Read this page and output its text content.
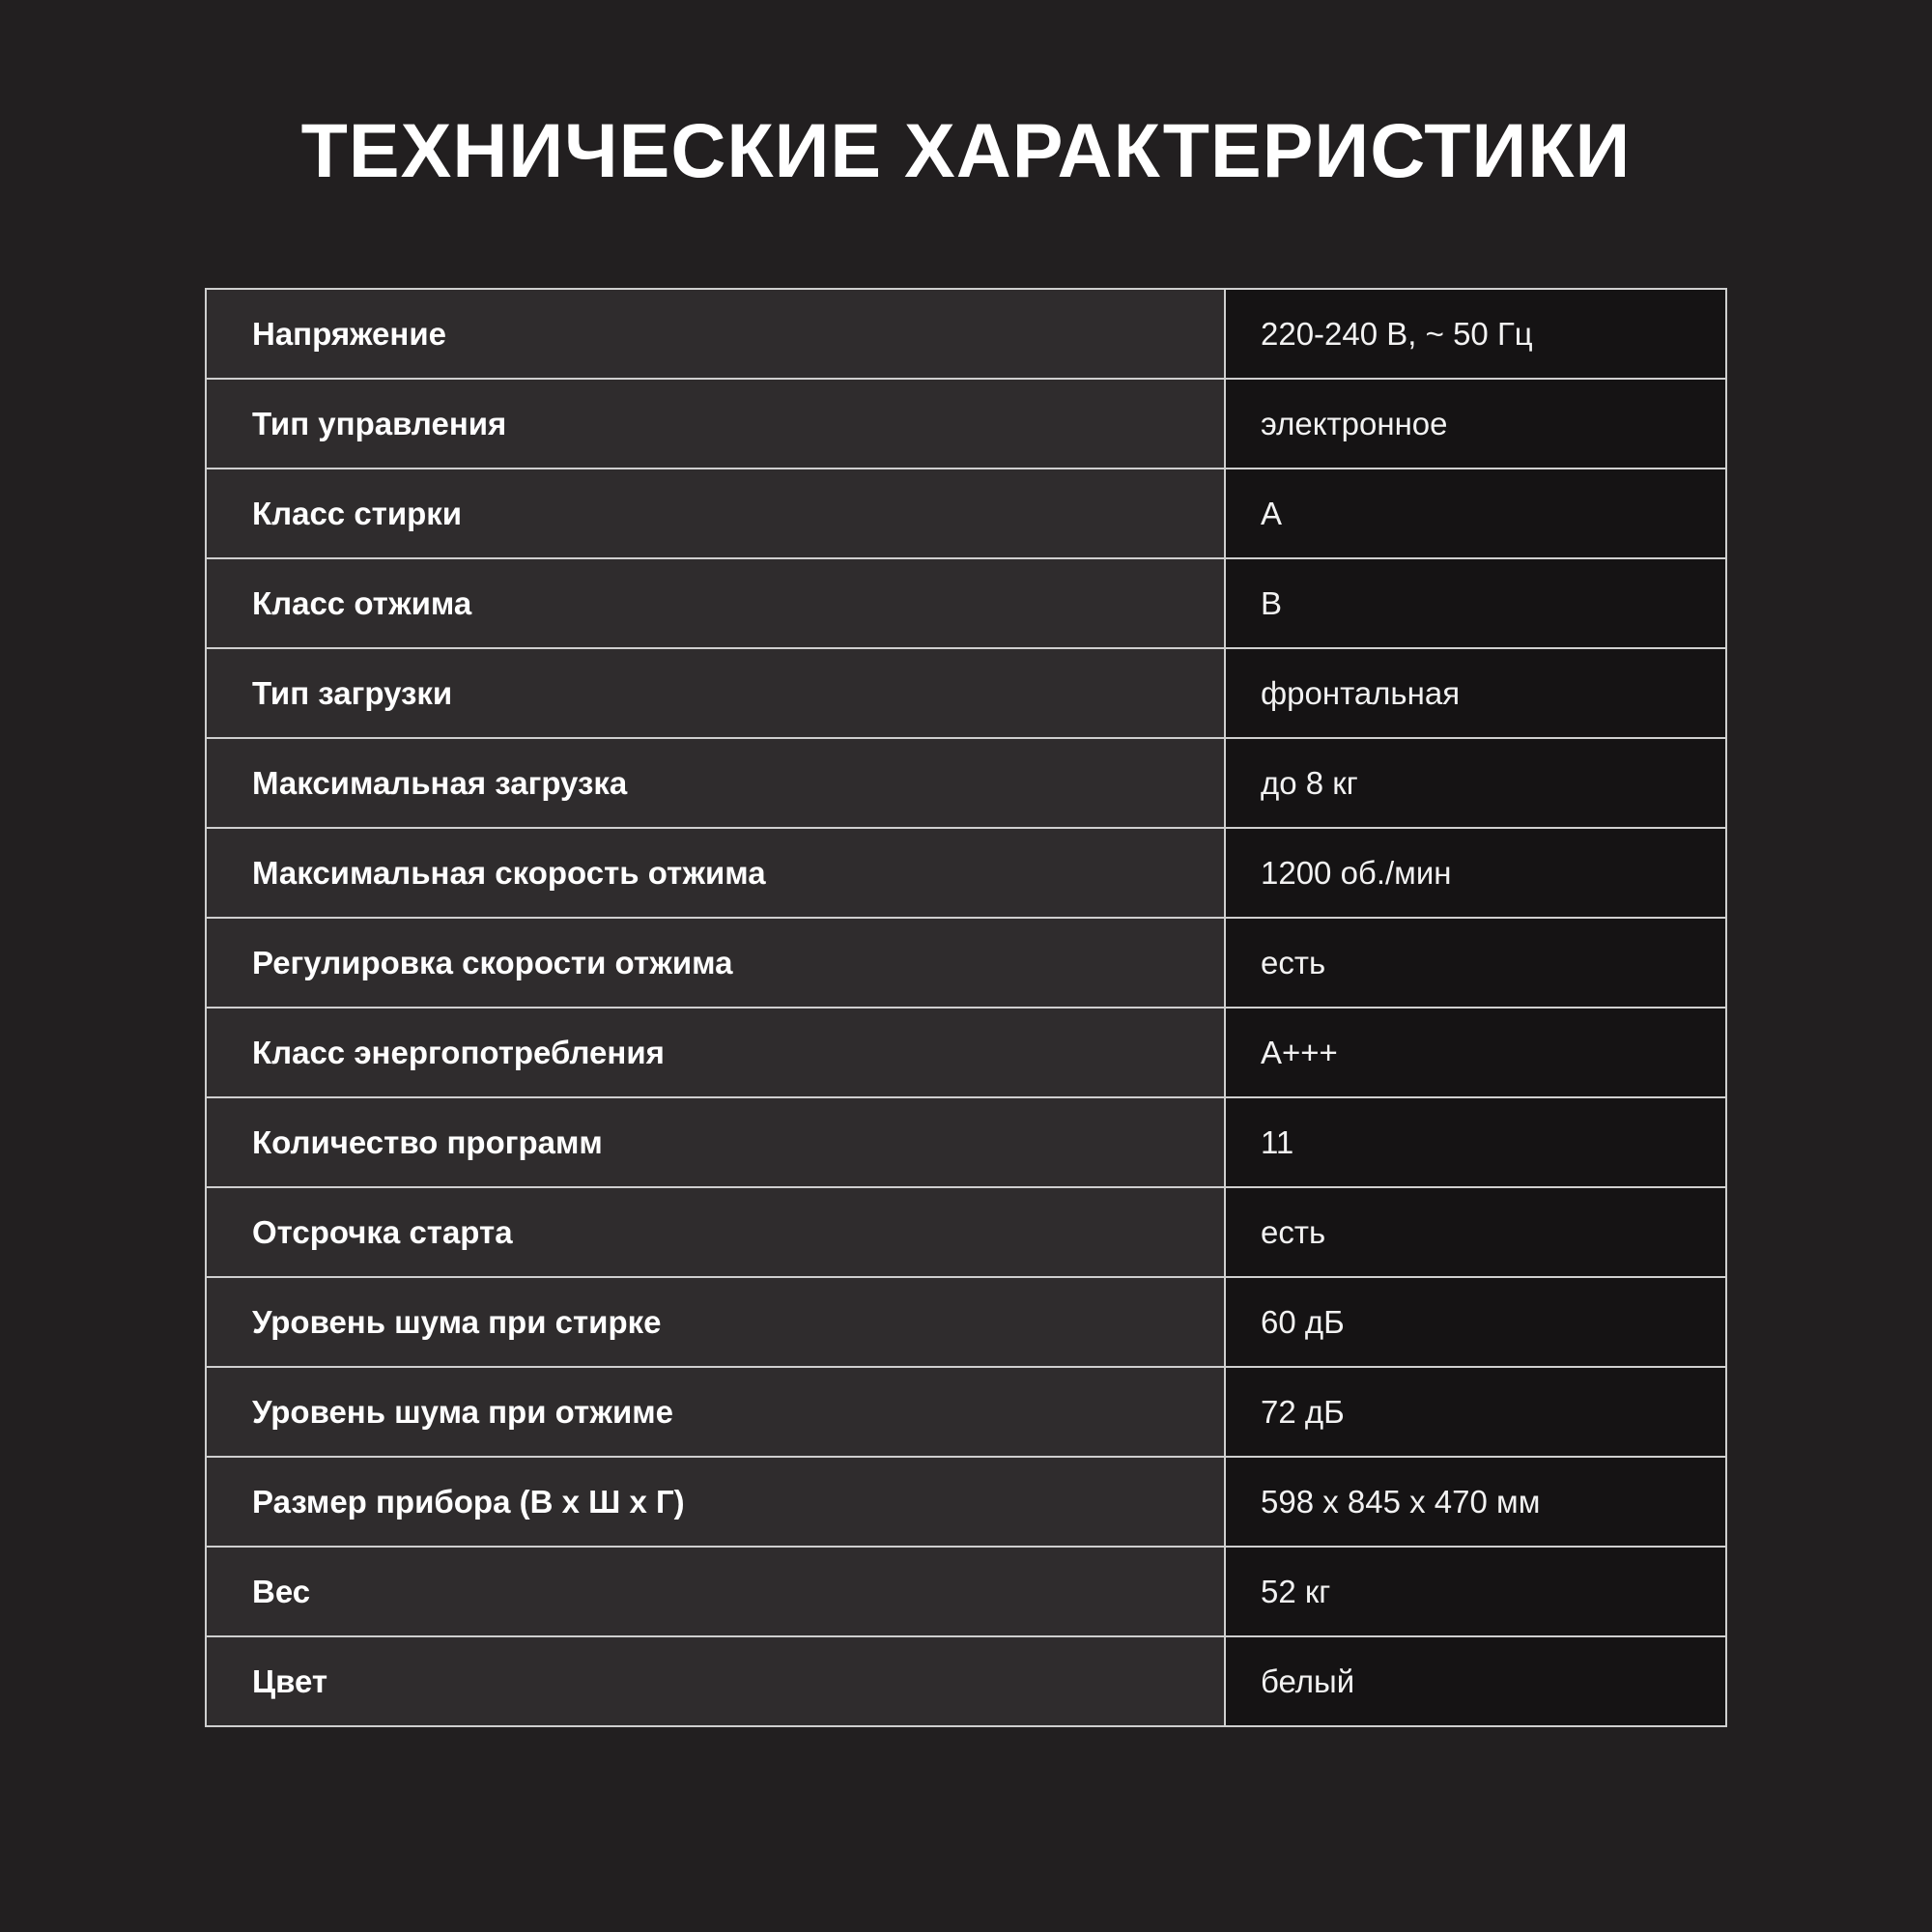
ТЕХНИЧЕСКИЕ ХАРАКТЕРИСТИКИ
Напряжение	220-240 В, ~ 50 Гц
Тип управления	электронное
Класс стирки	А
Класс отжима	В
Тип загрузки	фронтальная
Максимальная загрузка	до 8 кг
Максимальная скорость отжима	1200 об./мин
Регулировка скорости отжима	есть
Класс энергопотребления	А+++
Количество программ	11
Отсрочка старта	есть
Уровень шума при стирке	60 дБ
Уровень шума при отжиме	72 дБ
Размер прибора (В х Ш х Г)	598 х 845 х 470 мм
Вес	52 кг
Цвет	белый
